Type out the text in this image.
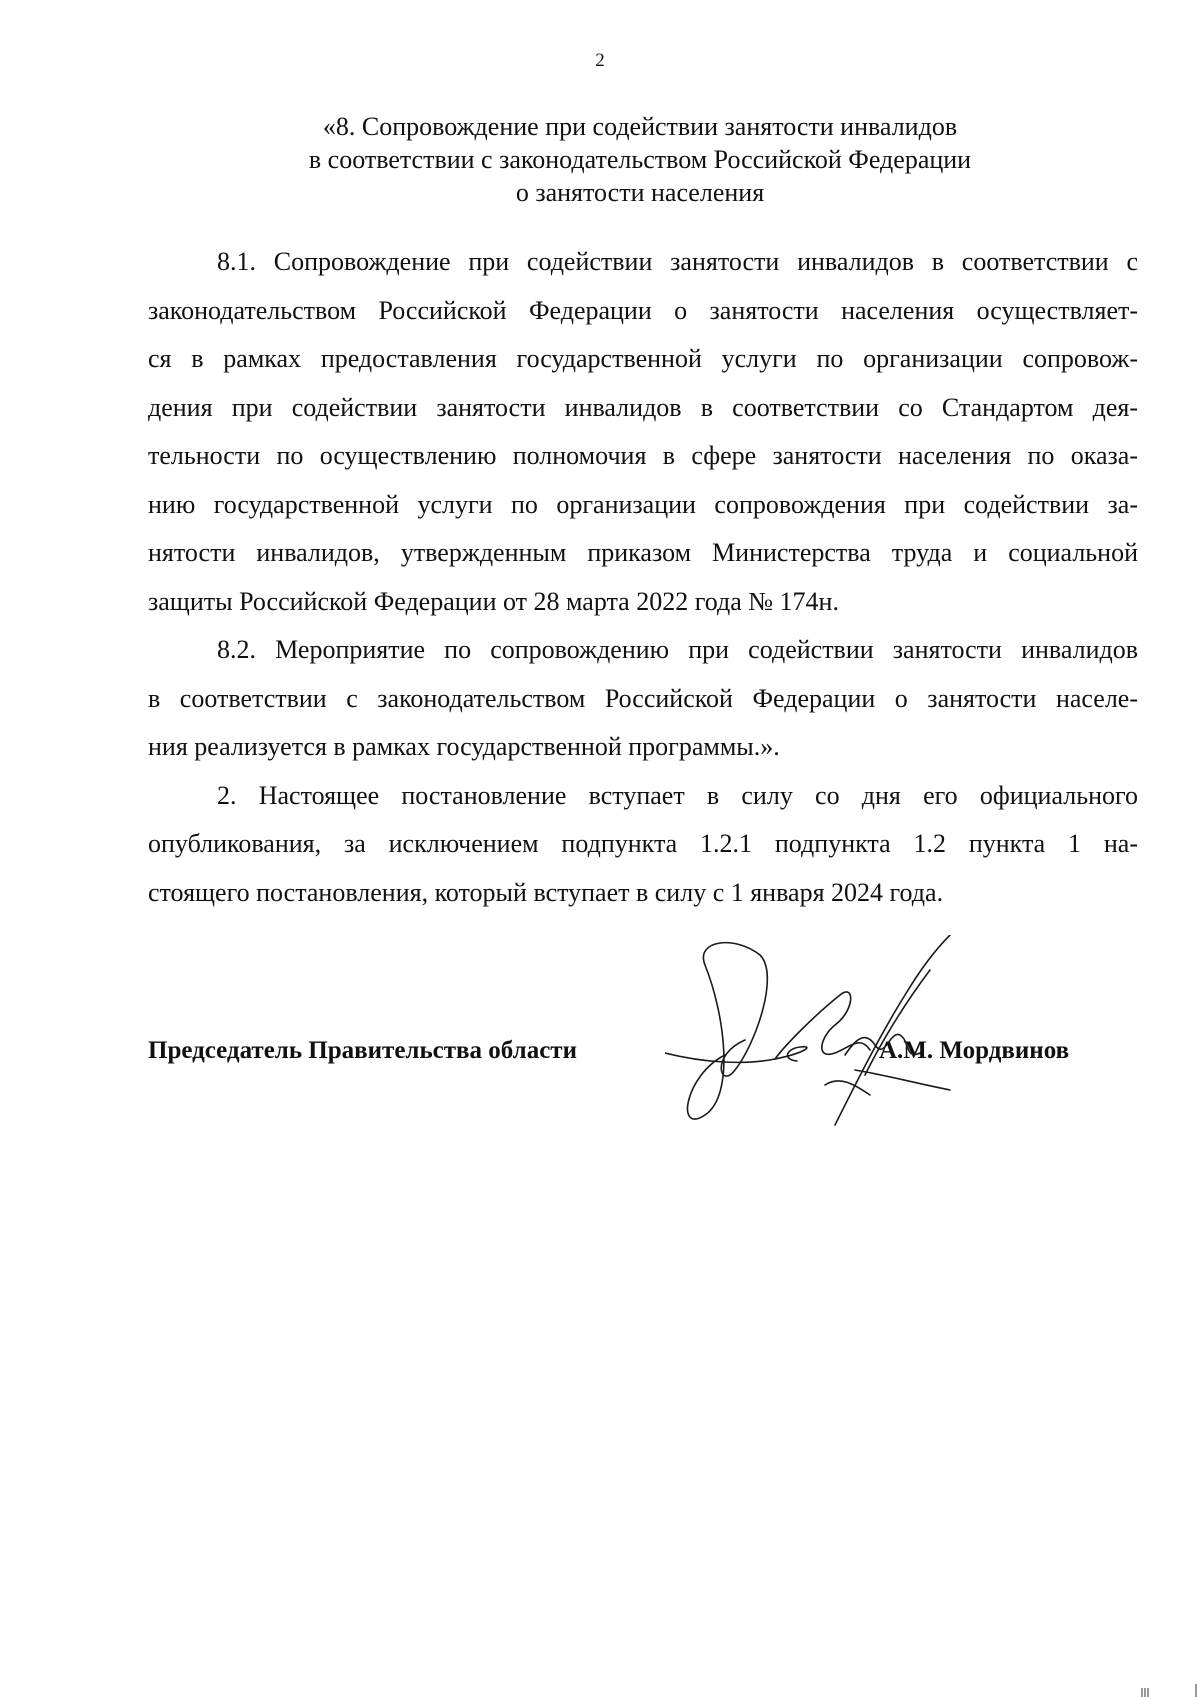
2
«8. Сопровождение при содействии занятости инвалидов
в соответствии с законодательством Российской Федерации
о занятости населения
8.1. Сопровождение при содействии занятости инвалидов в соответствии с
законодательством Российской Федерации о занятости населения осуществляет-
ся в рамках предоставления государственной услуги по организации сопровож-
дения при содействии занятости инвалидов в соответствии со Стандартом дея-
тельности по осуществлению полномочия в сфере занятости населения по оказа-
нию государственной услуги по организации сопровождения при содействии за-
нятости инвалидов, утвержденным приказом Министерства труда и социальной
защиты Российской Федерации от 28 марта 2022 года № 174н.
8.2. Мероприятие по сопровождению при содействии занятости инвалидов
в соответствии с законодательством Российской Федерации о занятости населе-
ния реализуется в рамках государственной программы.».
2. Настоящее постановление вступает в силу со дня его официального
опубликования, за исключением подпункта 1.2.1 подпункта 1.2 пункта 1 на-
стоящего постановления, который вступает в силу с 1 января 2024 года.
Председатель Правительства области	А.М. Мордвинов
